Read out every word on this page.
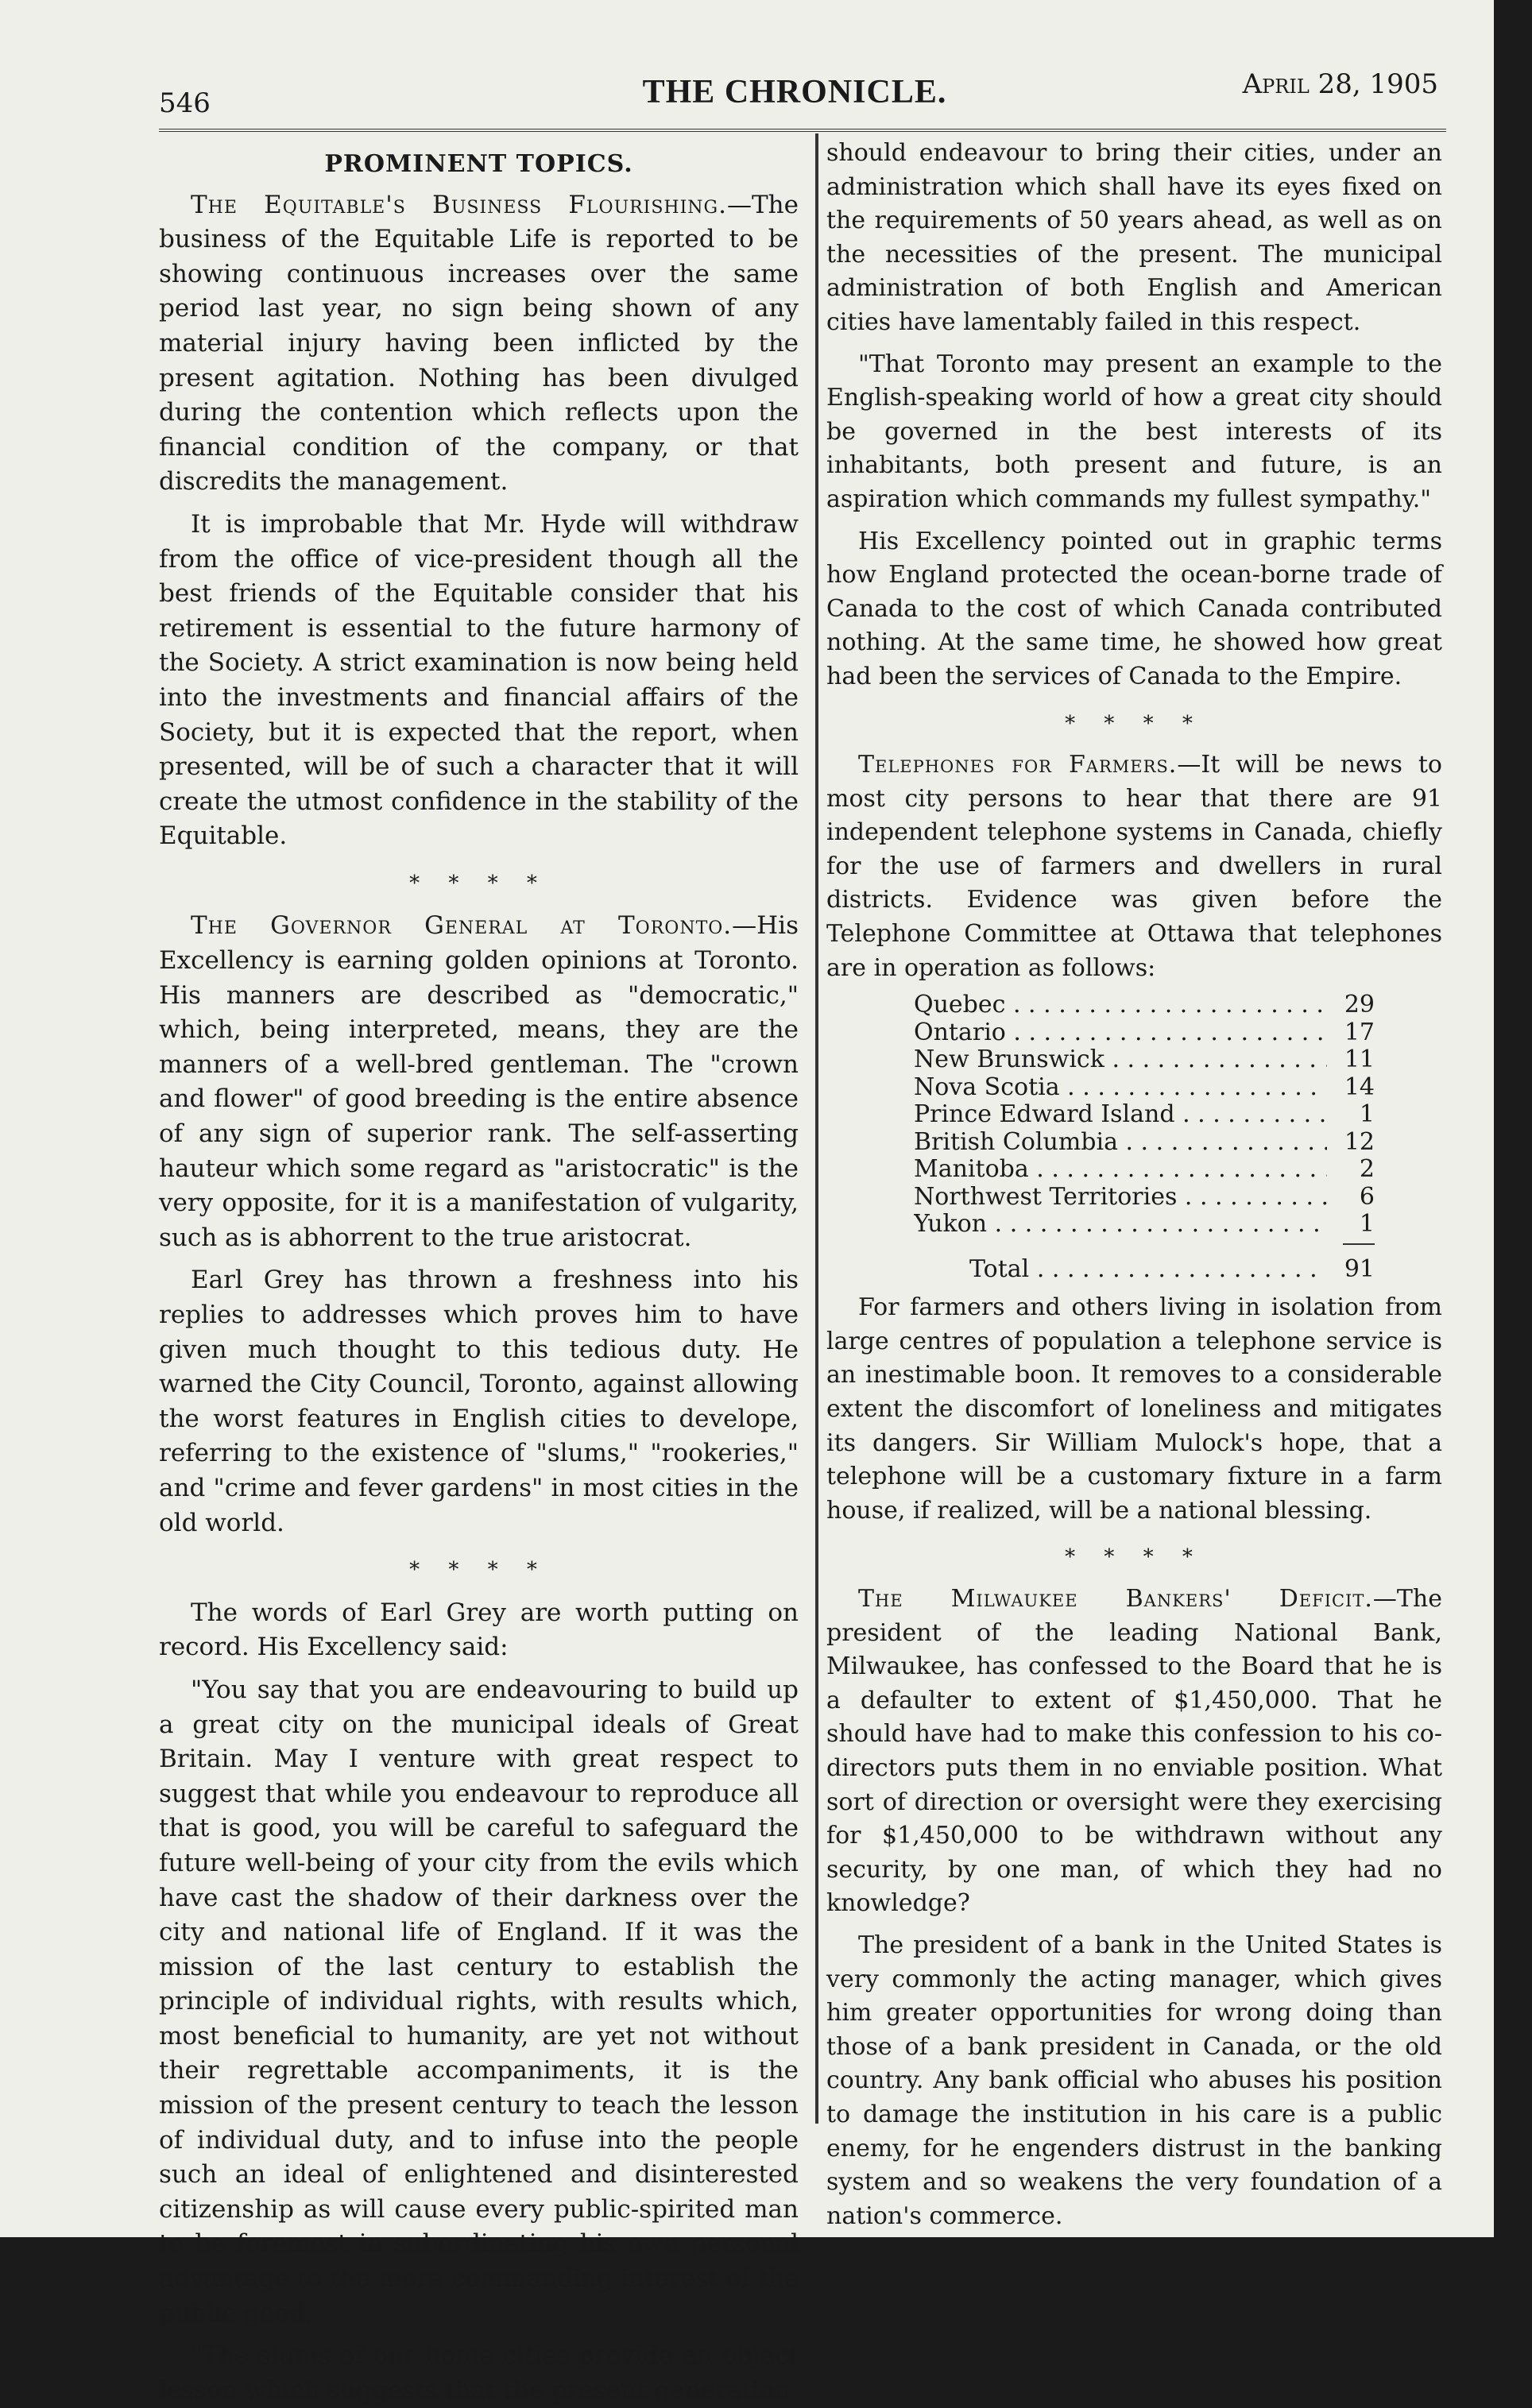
546	THE CHRONICLE.	April 28, 1905
PROMINENT TOPICS.

The Equitable's Business Flourishing.—The business of the Equitable Life is reported to be showing continuous increases over the same period last year, no sign being shown of any material injury having been inflicted by the present agitation. Nothing has been divulged during the contention which reflects upon the financial condition of the company, or that discredits the management.

It is improbable that Mr. Hyde will withdraw from the office of vice-president though all the best friends of the Equitable consider that his retirement is essential to the future harmony of the Society. A strict examination is now being held into the investments and financial affairs of the Society, but it is expected that the report, when presented, will be of such a character that it will create the utmost confidence in the stability of the Equitable.

* * * *

The Governor General at Toronto.—His Excellency is earning golden opinions at Toronto. His manners are described as "democratic," which, being interpreted, means, they are the manners of a well-bred gentleman. The "crown and flower" of good breeding is the entire absence of any sign of superior rank. The self-asserting hauteur which some regard as "aristocratic" is the very opposite, for it is a manifestation of vulgarity, such as is abhorrent to the true aristocrat.

Earl Grey has thrown a freshness into his replies to addresses which proves him to have given much thought to this tedious duty. He warned the City Council, Toronto, against allowing the worst features in English cities to develope, referring to the existence of "slums," "rookeries," and "crime and fever gardens" in most cities in the old world.

* * * *

The words of Earl Grey are worth putting on record. His Excellency said:

"You say that you are endeavouring to build up a great city on the municipal ideals of Great Britain. May I venture with great respect to suggest that while you endeavour to reproduce all that is good, you will be careful to safeguard the future well-being of your city from the evils which have cast the shadow of their darkness over the city and national life of England. If it was the mission of the last century to establish the principle of individual rights, with results which, most beneficial to humanity, are yet not without their regrettable accompaniments, it is the mission of the present century to teach the lesson of individual duty, and to infuse into the people such an ideal of enlightened and disinterested citizenship as will cause every public-spirited man to be foremost in subordinating his own personal advantage to the more commanding interest of the public good.

"The slums of our home cities provide an object lesson which suggests that the present generation

should endeavour to bring their cities, under an administration which shall have its eyes fixed on the requirements of 50 years ahead, as well as on the necessities of the present. The municipal administration of both English and American cities have lamentably failed in this respect.

"That Toronto may present an example to the English-speaking world of how a great city should be governed in the best interests of its inhabitants, both present and future, is an aspiration which commands my fullest sympathy."

His Excellency pointed out in graphic terms how England protected the ocean-borne trade of Canada to the cost of which Canada contributed nothing. At the same time, he showed how great had been the services of Canada to the Empire.

* * * *

Telephones for Farmers.—It will be news to most city persons to hear that there are 91 independent telephone systems in Canada, chiefly for the use of farmers and dwellers in rural districts. Evidence was given before the Telephone Committee at Ottawa that telephones are in operation as follows:

Quebec . . .	29
Ontario . . .	17
New Brunswick . . .	11
Nova Scotia . . .	14
Prince Edward Island . . .	1
British Columbia . . .	12
Manitoba . . .	2
Northwest Territories . . .	6
Yukon . . .	1
Total . . .	91

For farmers and others living in isolation from large centres of population a telephone service is an inestimable boon. It removes to a considerable extent the discomfort of loneliness and mitigates its dangers. Sir William Mulock's hope, that a telephone will be a customary fixture in a farm house, if realized, will be a national blessing.

* * * *

The Milwaukee Bankers' Deficit.—The president of the leading National Bank, Milwaukee, has confessed to the Board that he is a defaulter to extent of $1,450,000. That he should have had to make this confession to his co-directors puts them in no enviable position. What sort of direction or oversight were they exercising for $1,450,000 to be withdrawn without any security, by one man, of which they had no knowledge?

The president of a bank in the United States is very commonly the acting manager, which gives him greater opportunities for wrong doing than those of a bank president in Canada, or the old country. Any bank official who abuses his position to damage the institution in his care is a public enemy, for he engenders distrust in the banking system and so weakens the very foundation of a nation's commerce.
